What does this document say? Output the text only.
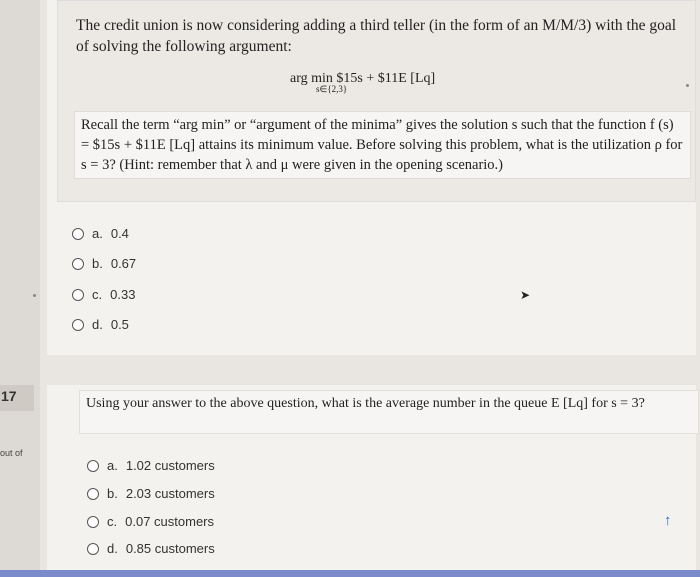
17
out of
The credit union is now considering adding a third teller (in the form of an M/M/3) with the goal of solving the following argument:
arg min $15s + $11E [Lq]
s∈{2,3}
Recall the term “arg min” or “argument of the minima” gives the solution s such that the function f (s) = $15s + $11E [Lq] attains its minimum value. Before solving this problem, what is the utilization ρ for s = 3? (Hint: remember that λ and μ were given in the opening scenario.)
a. 0.4
b. 0.67
c. 0.33
d. 0.5
Using your answer to the above question, what is the average number in the queue E [Lq] for s = 3?
a. 1.02 customers
b. 2.03 customers
c. 0.07 customers
d. 0.85 customers
➤
↑
